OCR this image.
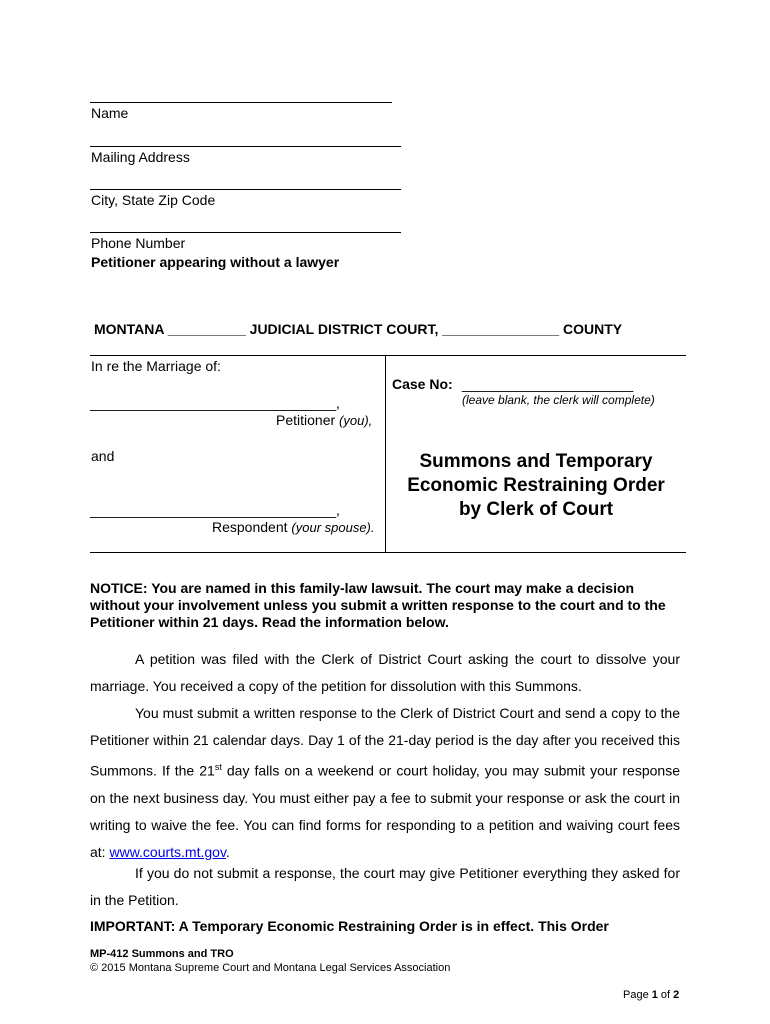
Name
Mailing Address
City, State Zip Code
Phone Number
Petitioner appearing without a lawyer
MONTANA __________ JUDICIAL DISTRICT COURT, _______________ COUNTY
In re the Marriage of:
________________________________,
Petitioner (you),
and
________________________________,
Respondent (your spouse).
Case No: ______________________
(leave blank, the clerk will complete)
Summons and Temporary
Economic Restraining Order
by Clerk of Court
NOTICE: You are named in this family-law lawsuit. The court may make a decision without your involvement unless you submit a written response to the court and to the Petitioner within 21 days. Read the information below.
A petition was filed with the Clerk of District Court asking the court to dissolve your marriage. You received a copy of the petition for dissolution with this Summons.
You must submit a written response to the Clerk of District Court and send a copy to the Petitioner within 21 calendar days. Day 1 of the 21-day period is the day after you received this Summons. If the 21st day falls on a weekend or court holiday, you may submit your response on the next business day. You must either pay a fee to submit your response or ask the court in writing to waive the fee. You can find forms for responding to a petition and waiving court fees at: www.courts.mt.gov.
If you do not submit a response, the court may give Petitioner everything they asked for in the Petition.
IMPORTANT: A Temporary Economic Restraining Order is in effect. This Order
MP-412 Summons and TRO
© 2015 Montana Supreme Court and Montana Legal Services Association
Page 1 of 2
